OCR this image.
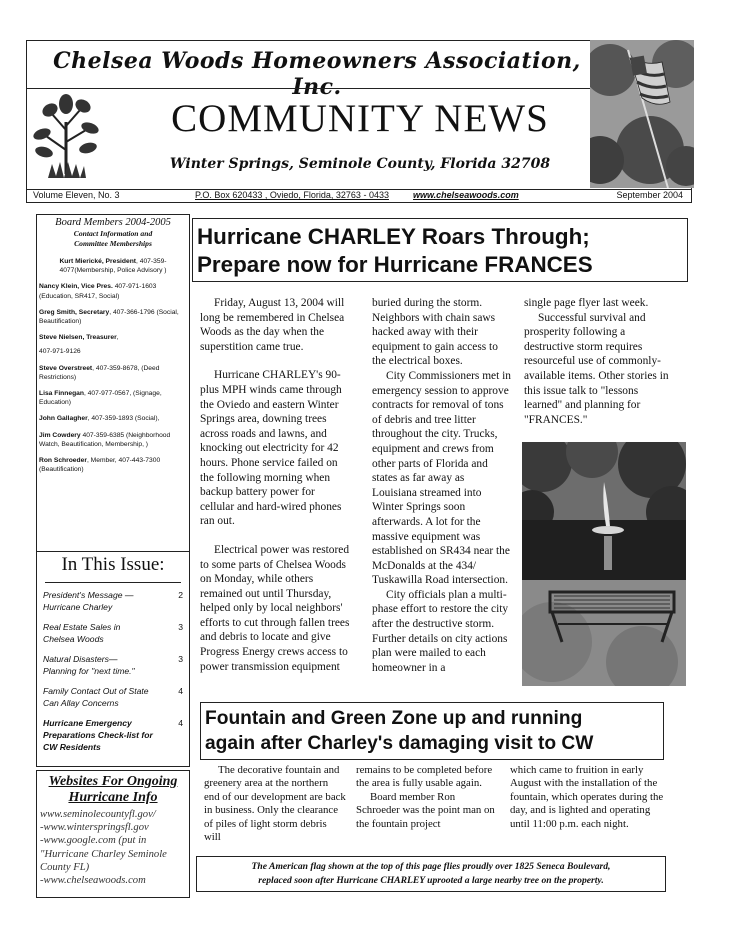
Chelsea Woods Homeowners Association, Inc.
COMMUNITY NEWS
Winter Springs, Seminole County, Florida 32708
Volume Eleven, No. 3	P.O. Box 620433 , Oviedo, Florida, 32763 - 0433	www.chelseawoods.com	September 2004
Board Members 2004-2005
Contact Information and Committee Memberships

Kurt Mierické, President, 407-359-4077(Membership, Police Advisory )

Nancy Klein, Vice Pres. 407-971-1603 (Education, SR417, Social)

Greg Smith, Secretary, 407-366-1796 (Social, Beautification)

Steve Nielsen, Treasurer,

407-971-9126

Steve Overstreet, 407-359-8678, (Deed Restrictions)

Lisa Finnegan, 407-977-0567, (Signage, Education)

John Gallagher, 407-359-1893 (Social),

Jim Cowdery 407-359-6385 (Neighborhood Watch, Beautification, Membership, )

Ron Schroeder, Member, 407-443-7300 (Beautification)

In This Issue:
President's Message — Hurricane Charley
2
Real Estate Sales in Chelsea Woods
3
Natural Disasters— Planning for "next time."
3
Family Contact Out of State Can Allay Concerns
4
Hurricane Emergency Preparations Check-list for CW Residents
4
Websites For Ongoing Hurricane Info
www.seminolecountyfl.gov/
-www.winterspringsfl.gov
-www.google.com (put in "Hurricane Charley Seminole County FL)
-www.chelseawoods.com
Hurricane CHARLEY Roars Through;
Prepare now for Hurricane FRANCES

Friday, August 13, 2004 will long be remembered in Chelsea Woods as the day when the superstition came true.

Hurricane CHARLEY's 90-plus MPH winds came through the Oviedo and eastern Winter Springs area, downing trees across roads and lawns, and knocking out electricity for 42 hours. Phone service failed on the following morning when backup battery power for cellular and hard-wired phones ran out.

Electrical power was restored to some parts of Chelsea Woods on Monday, while others remained out until Thursday, helped only by local neighbors' efforts to cut through fallen trees and debris to locate and give Progress Energy crews access to power transmission equipment

buried during the storm. Neighbors with chain saws hacked away with their equipment to gain access to the electrical boxes.

City Commissioners met in emergency session to approve contracts for removal of tons of debris and tree litter throughout the city. Trucks, equipment and crews from other parts of Florida and states as far away as Louisiana streamed into Winter Springs soon afterwards. A lot for the massive equipment was established on SR434 near the McDonalds at the 434/ Tuskawilla Road intersection.

City officials plan a multi-phase effort to restore the city after the destructive storm. Further details on city actions plan were mailed to each homeowner in a

single page flyer last week.

Successful survival and prosperity following a destructive storm requires resourceful use of commonly-available items. Other stories in this issue talk to "lessons learned" and planning for "FRANCES."

Fountain and Green Zone up and running
again after Charley's damaging visit to CW

The decorative fountain and greenery area at the northern end of our development are back in business. Only the clearance of piles of light storm debris will

remains to be completed before the area is fully usable again.

Board member Ron Schroeder was the point man on the fountain project

which came to fruition in early August with the installation of the fountain, which operates during the day, and is lighted and operating until 11:00 p.m. each night.

The American flag shown at the top of this page flies proudly over 1825 Seneca Boulevard,
replaced soon after Hurricane CHARLEY uprooted a large nearby tree on the property.
